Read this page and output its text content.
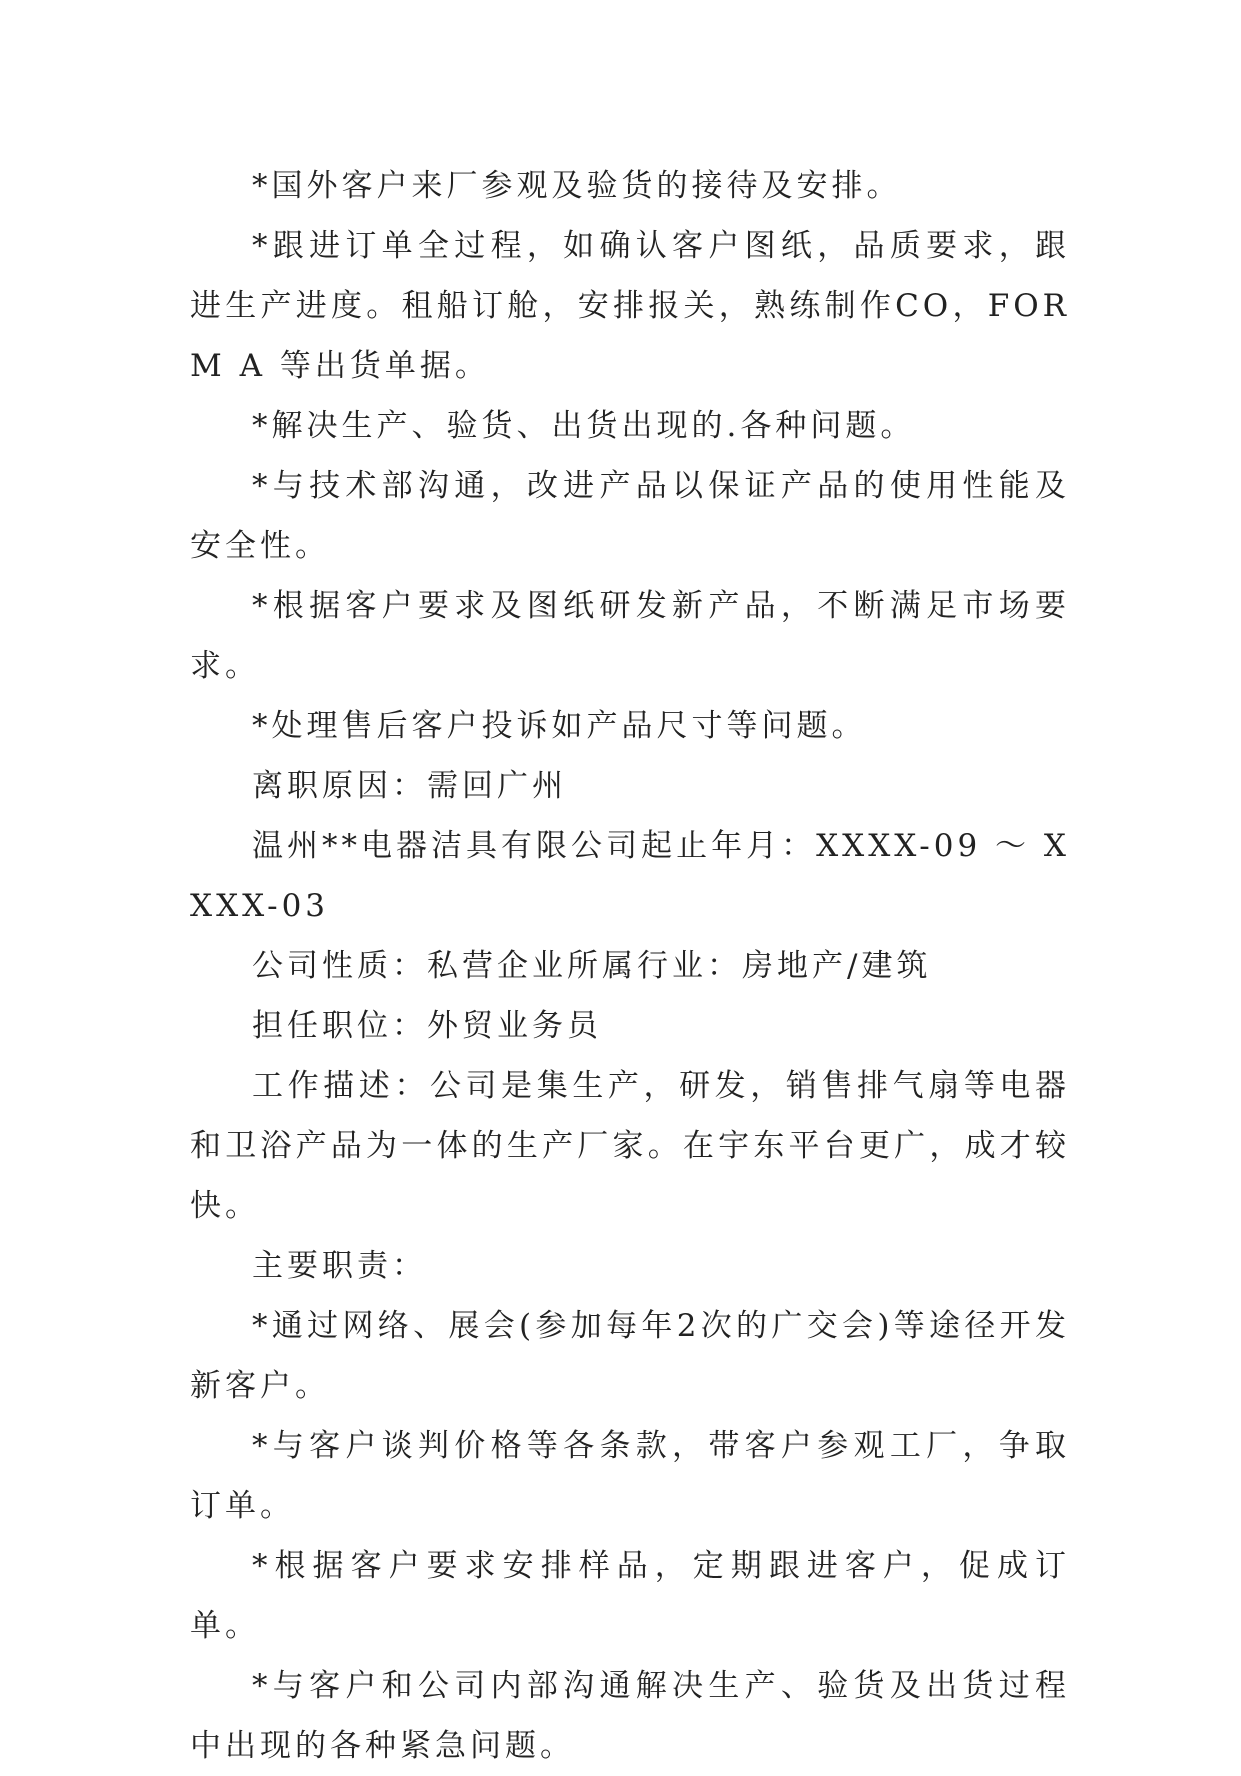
*国外客户来厂参观及验货的接待及安排。

*跟进订单全过程，如确认客户图纸，品质要求，跟进生产进度。租船订舱，安排报关，熟练制作CO，FORM A 等出货单据。

*解决生产、验货、出货出现的.各种问题。

*与技术部沟通，改进产品以保证产品的使用性能及安全性。

*根据客户要求及图纸研发新产品，不断满足市场要求。

*处理售后客户投诉如产品尺寸等问题。

离职原因：需回广州

温州**电器洁具有限公司起止年月：XXXX-09 ～ XXXX-03

公司性质：私营企业所属行业：房地产/建筑

担任职位：外贸业务员

工作描述：公司是集生产，研发，销售排气扇等电器和卫浴产品为一体的生产厂家。在宇东平台更广，成才较快。

主要职责：

*通过网络、展会(参加每年2次的广交会)等途径开发新客户。

*与客户谈判价格等各条款，带客户参观工厂，争取订单。

*根据客户要求安排样品，定期跟进客户，促成订单。

*与客户和公司内部沟通解决生产、验货及出货过程中出现的各种紧急问题。
